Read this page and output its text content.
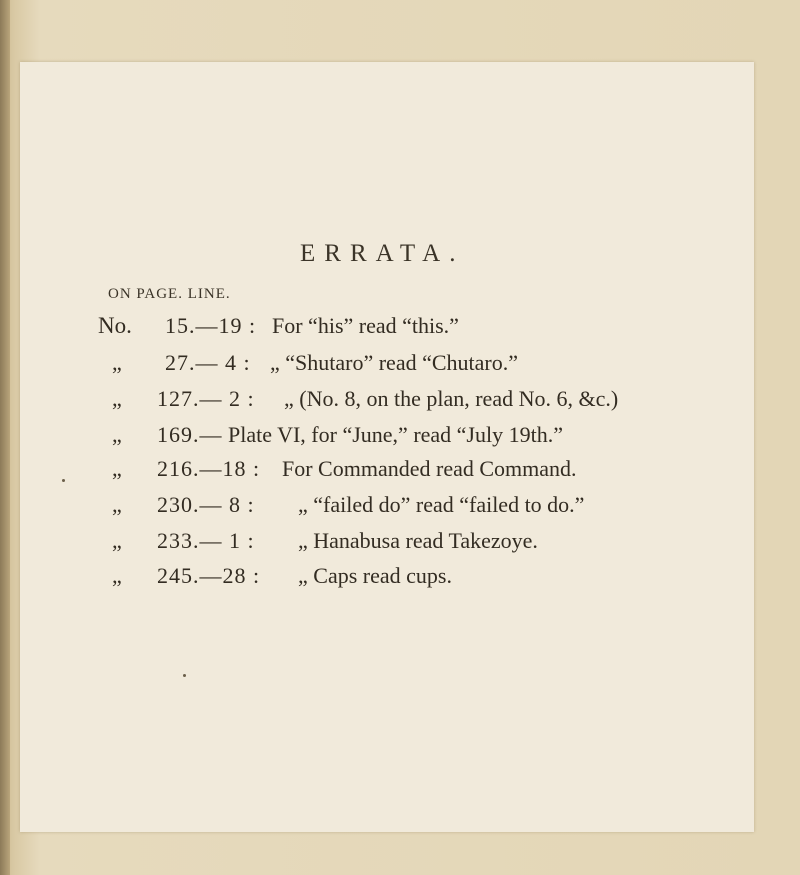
ERRATA.
ON PAGE. LINE.
No. 15.—19 : For “his” read “this.”
„ 27.— 4 : „ “Shutaro” read “Chutaro.”
„ 127.— 2 : „ (No. 8, on the plan, read No. 6, &c.)
„ 169.— Plate VI, for “June,” read “July 19th.”
„ 216.—18 : For Commanded read Command.
„ 230.— 8 : „ “failed do” read “failed to do.”
„ 233.— 1 : „ Hanabusa read Takezoye.
„ 245.—28 : „ Caps read cups.
